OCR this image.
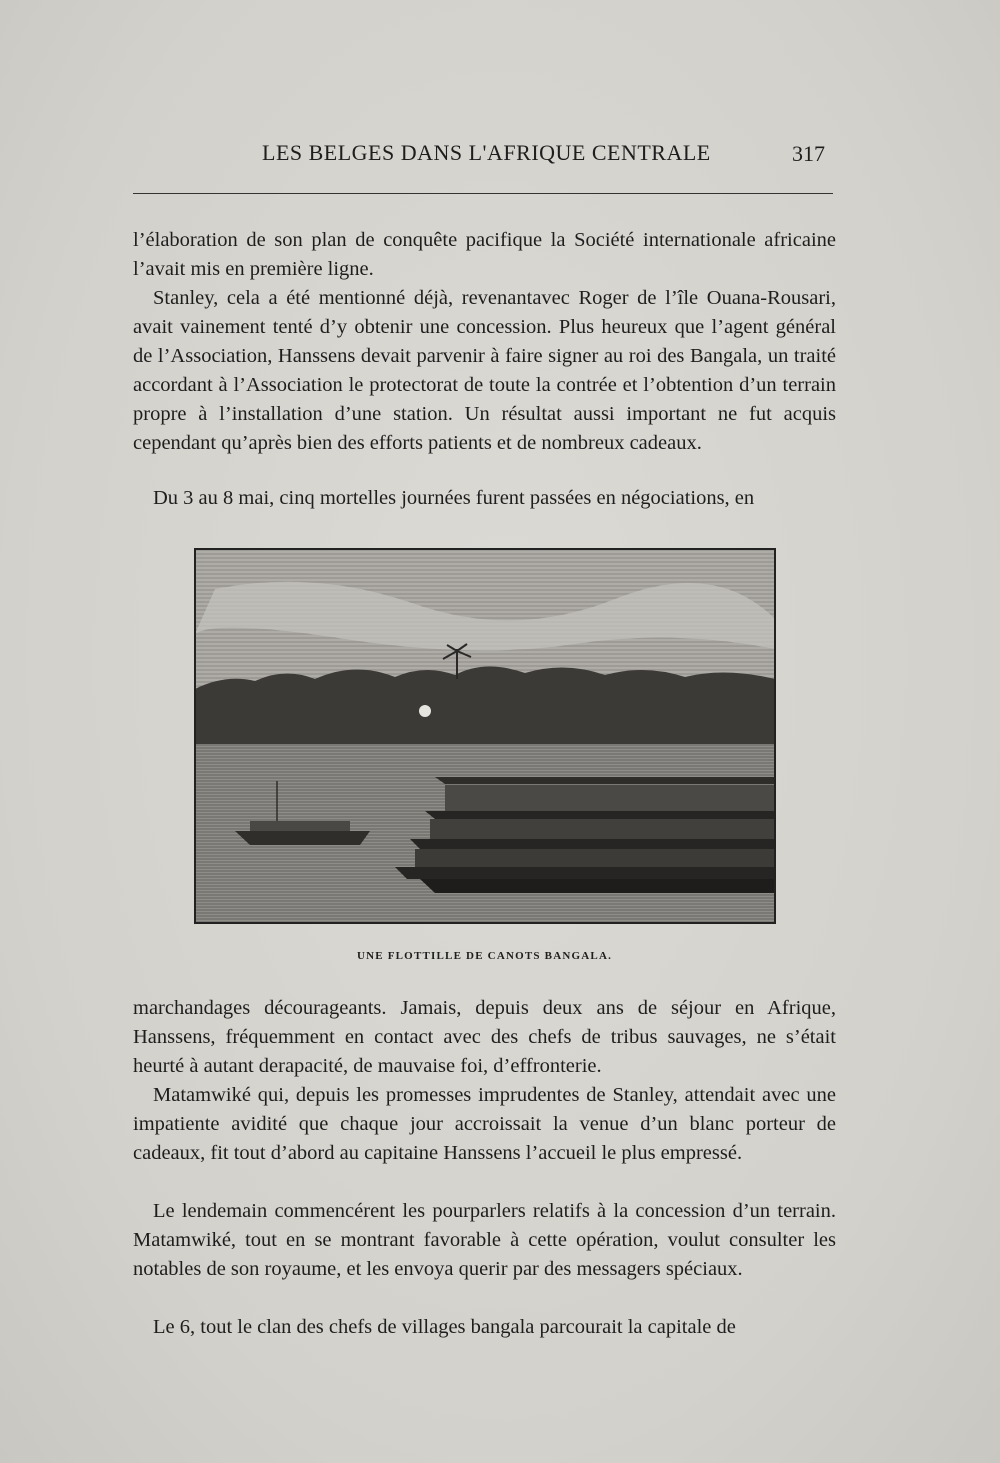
LES BELGES DANS L'AFRIQUE CENTRALE	317

l’élaboration de son plan de conquête pacifique la Société internationale africaine l’avait mis en première ligne.

Stanley, cela a été mentionné déjà, revenantavec Roger de l’île Ouana-Rousari, avait vainement tenté d’y obtenir une concession. Plus heureux que l’agent général de l’Association, Hanssens devait parvenir à faire signer au roi des Bangala, un traité accordant à l’Association le protectorat de toute la contrée et l’obtention d’un terrain propre à l’installation d’une station. Un résultat aussi important ne fut acquis cependant qu’après bien des efforts patients et de nombreux cadeaux.

Du 3 au 8 mai, cinq mortelles journées furent passées en négociations, en

UNE FLOTTILLE DE CANOTS BANGALA.

marchandages décourageants. Jamais, depuis deux ans de séjour en Afrique, Hanssens, fréquemment en contact avec des chefs de tribus sauvages, ne s’était heurté à autant derapacité, de mauvaise foi, d’effronterie.

Matamwiké qui, depuis les promesses imprudentes de Stanley, attendait avec une impatiente avidité que chaque jour accroissait la venue d’un blanc porteur de cadeaux, fit tout d’abord au capitaine Hanssens l’accueil le plus empressé.

Le lendemain commencérent les pourparlers relatifs à la concession d’un terrain. Matamwiké, tout en se montrant favorable à cette opération, voulut consulter les notables de son royaume, et les envoya querir par des messagers spéciaux.

Le 6, tout le clan des chefs de villages bangala parcourait la capitale de
